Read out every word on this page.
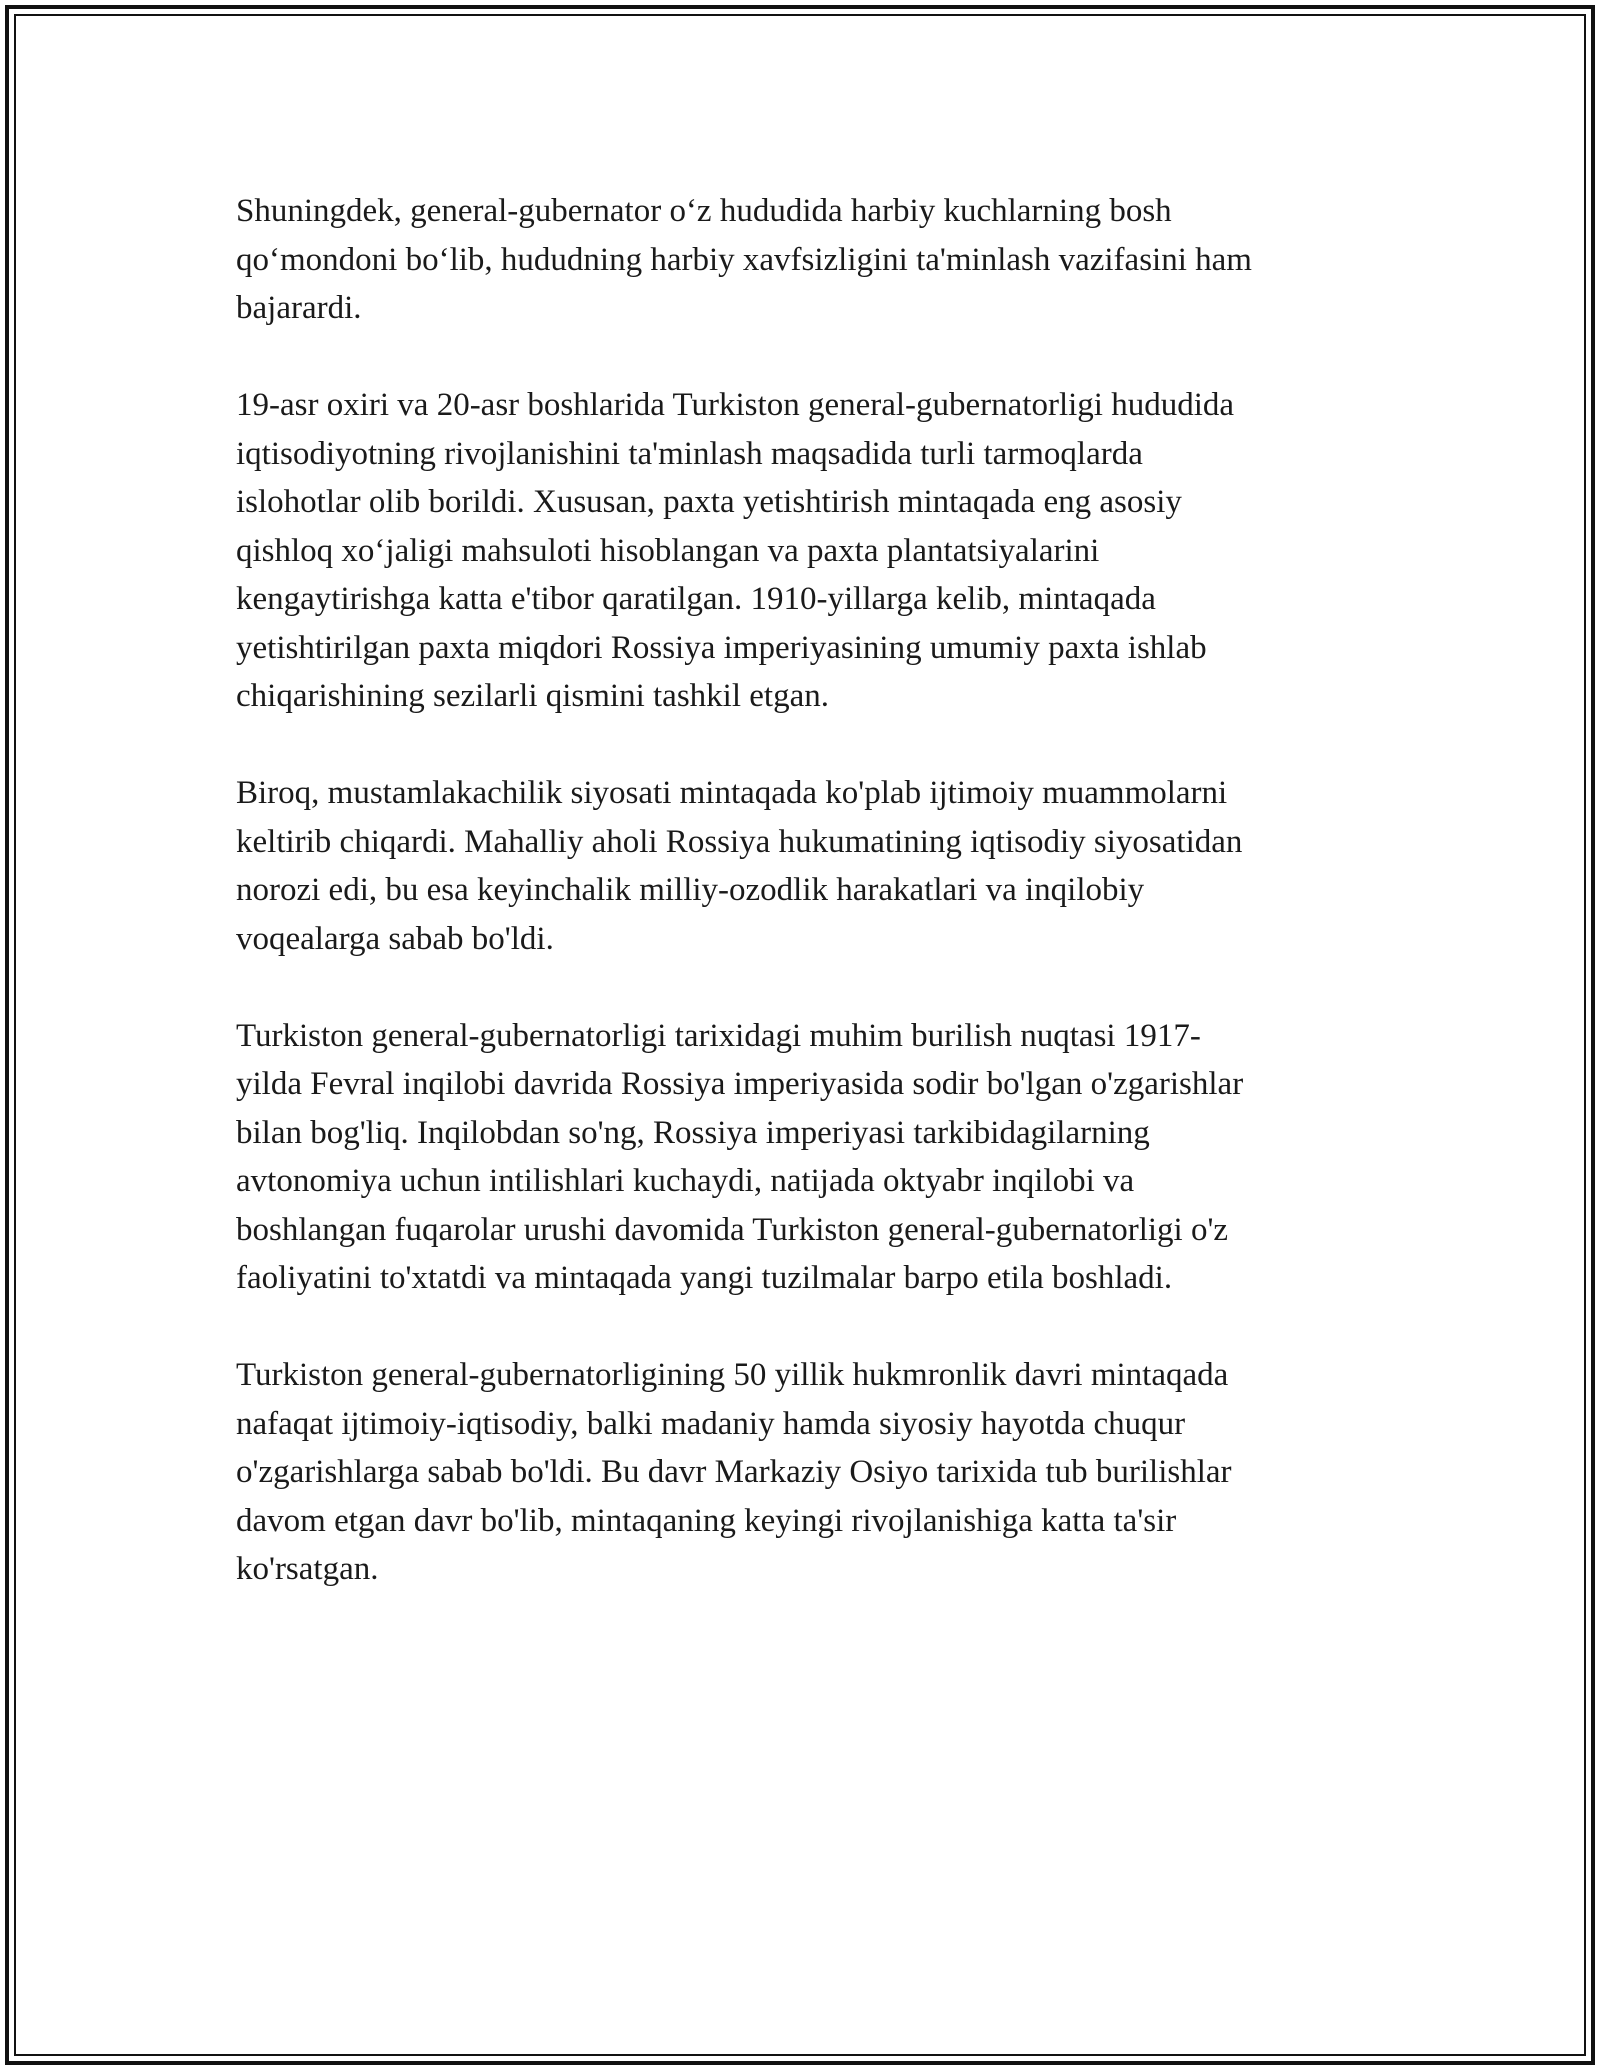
Shuningdek, general-gubernator o‘z hududida harbiy kuchlarning bosh
qo‘mondoni bo‘lib, hududning harbiy xavfsizligini ta'minlash vazifasini ham
bajarardi.

19-asr oxiri va 20-asr boshlarida Turkiston general-gubernatorligi hududida
iqtisodiyotning rivojlanishini ta'minlash maqsadida turli tarmoqlarda
islohotlar olib borildi. Xususan, paxta yetishtirish mintaqada eng asosiy
qishloq xo‘jaligi mahsuloti hisoblangan va paxta plantatsiyalarini
kengaytirishga katta e'tibor qaratilgan. 1910-yillarga kelib, mintaqada
yetishtirilgan paxta miqdori Rossiya imperiyasining umumiy paxta ishlab
chiqarishining sezilarli qismini tashkil etgan.

Biroq, mustamlakachilik siyosati mintaqada ko'plab ijtimoiy muammolarni
keltirib chiqardi. Mahalliy aholi Rossiya hukumatining iqtisodiy siyosatidan
norozi edi, bu esa keyinchalik milliy-ozodlik harakatlari va inqilobiy
voqealarga sabab bo'ldi.

Turkiston general-gubernatorligi tarixidagi muhim burilish nuqtasi 1917-
yilda Fevral inqilobi davrida Rossiya imperiyasida sodir bo'lgan o'zgarishlar
bilan bog'liq. Inqilobdan so'ng, Rossiya imperiyasi tarkibidagilarning
avtonomiya uchun intilishlari kuchaydi, natijada oktyabr inqilobi va
boshlangan fuqarolar urushi davomida Turkiston general-gubernatorligi o'z
faoliyatini to'xtatdi va mintaqada yangi tuzilmalar barpo etila boshladi.

Turkiston general-gubernatorligining 50 yillik hukmronlik davri mintaqada
nafaqat ijtimoiy-iqtisodiy, balki madaniy hamda siyosiy hayotda chuqur
o'zgarishlarga sabab bo'ldi. Bu davr Markaziy Osiyo tarixida tub burilishlar
davom etgan davr bo'lib, mintaqaning keyingi rivojlanishiga katta ta'sir
ko'rsatgan.
